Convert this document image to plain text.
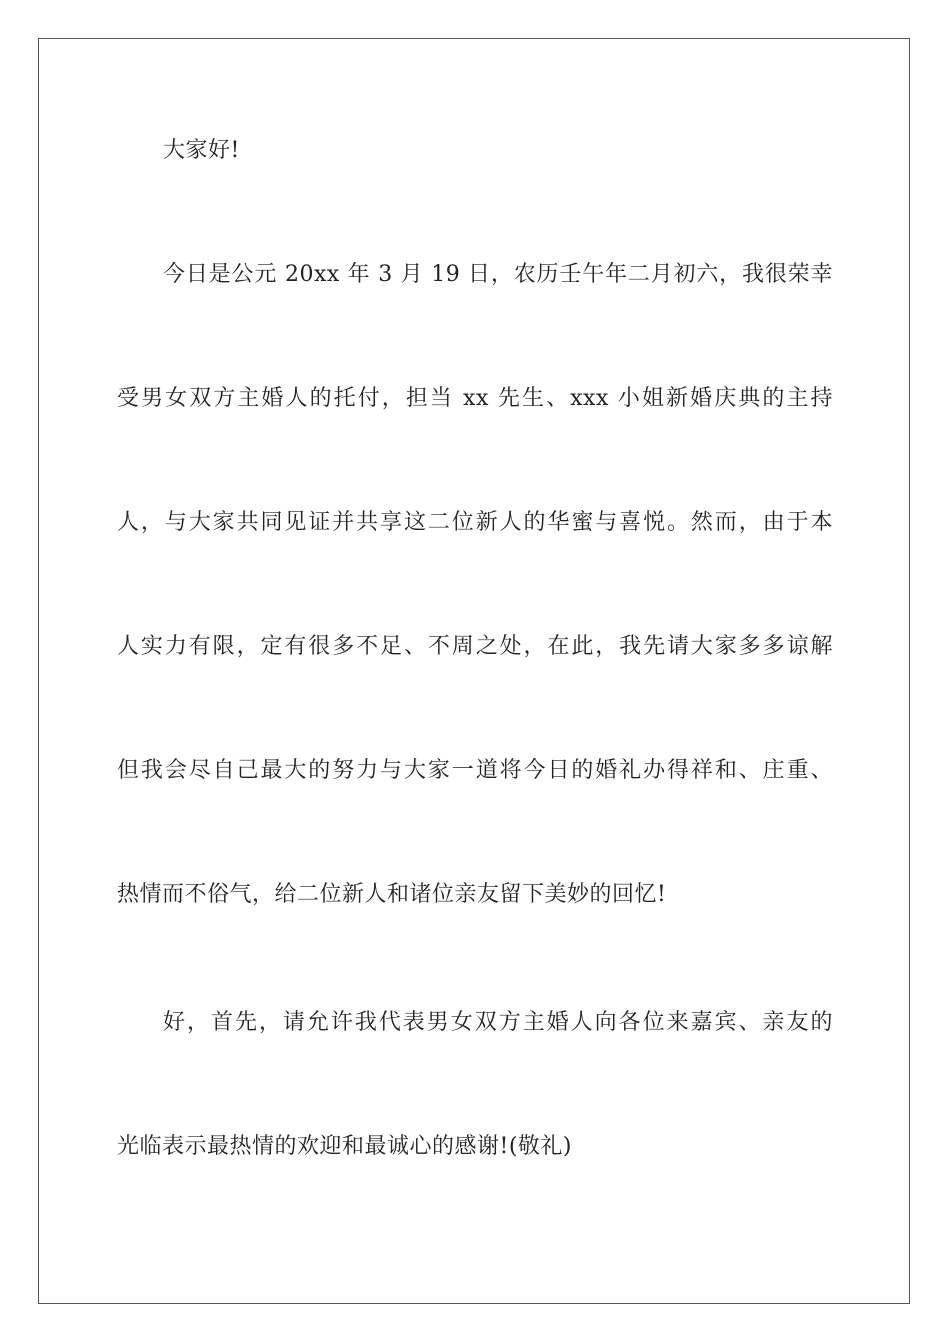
大家好!
今日是公元 20xx 年 3 月 19 日，农历壬午年二月初六，我很荣幸
受男女双方主婚人的托付，担当 xx 先生、xxx 小姐新婚庆典的主持
人，与大家共同见证并共享这二位新人的华蜜与喜悦。然而，由于本
人实力有限，定有很多不足、不周之处，在此，我先请大家多多谅解
但我会尽自己最大的努力与大家一道将今日的婚礼办得祥和、庄重、
热情而不俗气，给二位新人和诸位亲友留下美妙的回忆!
好，首先，请允许我代表男女双方主婚人向各位来嘉宾、亲友的
光临表示最热情的欢迎和最诚心的感谢!(敬礼)
